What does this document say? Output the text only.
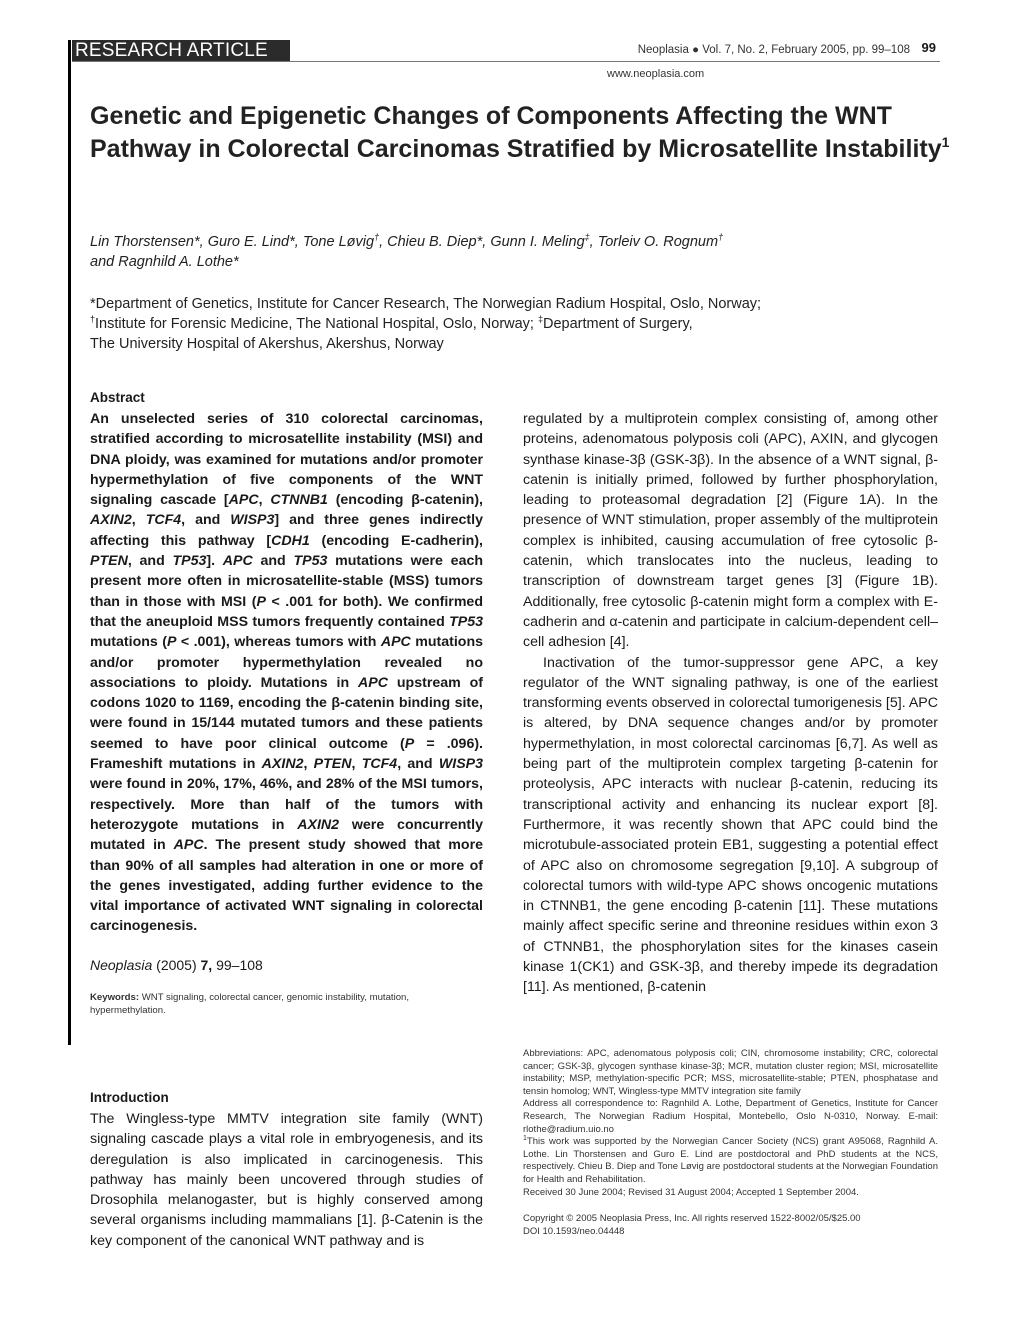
RESEARCH ARTICLE	Neoplasia ● Vol. 7, No. 2, February 2005, pp. 99–108 99
www.neoplasia.com
Genetic and Epigenetic Changes of Components Affecting the WNT Pathway in Colorectal Carcinomas Stratified by Microsatellite Instability$^1$
Lin Thorstensen*, Guro E. Lind*, Tone Løvig†, Chieu B. Diep*, Gunn I. Meling‡, Torleiv O. Rognum†
and Ragnhild A. Lothe*
*Department of Genetics, Institute for Cancer Research, The Norwegian Radium Hospital, Oslo, Norway;
†Institute for Forensic Medicine, The National Hospital, Oslo, Norway; ‡Department of Surgery,
The University Hospital of Akershus, Akershus, Norway
Abstract
An unselected series of 310 colorectal carcinomas, stratified according to microsatellite instability (MSI) and DNA ploidy, was examined for mutations and/or promoter hypermethylation of five components of the WNT signaling cascade [APC, CTNNB1 (encoding β-catenin), AXIN2, TCF4, and WISP3] and three genes indirectly affecting this pathway [CDH1 (encoding E-cadherin), PTEN, and TP53]. APC and TP53 mutations were each present more often in microsatellite-stable (MSS) tumors than in those with MSI (P < .001 for both). We confirmed that the aneuploid MSS tumors frequently contained TP53 mutations (P < .001), whereas tumors with APC mutations and/or promoter hypermethylation revealed no associations to ploidy. Mutations in APC upstream of codons 1020 to 1169, encoding the β-catenin binding site, were found in 15/144 mutated tumors and these patients seemed to have poor clinical outcome (P = .096). Frameshift mutations in AXIN2, PTEN, TCF4, and WISP3 were found in 20%, 17%, 46%, and 28% of the MSI tumors, respectively. More than half of the tumors with heterozygote mutations in AXIN2 were concurrently mutated in APC. The present study showed that more than 90% of all samples had alteration in one or more of the genes investigated, adding further evidence to the vital importance of activated WNT signaling in colorectal carcinogenesis.
Neoplasia (2005) 7, 99–108
Keywords: WNT signaling, colorectal cancer, genomic instability, mutation, hypermethylation.

regulated by a multiprotein complex consisting of, among other proteins, adenomatous polyposis coli (APC), AXIN, and glycogen synthase kinase-3β (GSK-3β). In the absence of a WNT signal, β-catenin is initially primed, followed by further phosphorylation, leading to proteasomal degradation [2] (Figure 1A). In the presence of WNT stimulation, proper assembly of the multiprotein complex is inhibited, causing accumulation of free cytosolic β-catenin, which translocates into the nucleus, leading to transcription of downstream target genes [3] (Figure 1B). Additionally, free cytosolic β-catenin might form a complex with E-cadherin and α-catenin and participate in calcium-dependent cell–cell adhesion [4].

Inactivation of the tumor-suppressor gene APC, a key regulator of the WNT signaling pathway, is one of the earliest transforming events observed in colorectal tumorigenesis [5]. APC is altered, by DNA sequence changes and/or by promoter hypermethylation, in most colorectal carcinomas [6,7]. As well as being part of the multiprotein complex targeting β-catenin for proteolysis, APC interacts with nuclear β-catenin, reducing its transcriptional activity and enhancing its nuclear export [8]. Furthermore, it was recently shown that APC could bind the microtubule-associated protein EB1, suggesting a potential effect of APC also on chromosome segregation [9,10]. A subgroup of colorectal tumors with wild-type APC shows oncogenic mutations in CTNNB1, the gene encoding β-catenin [11]. These mutations mainly affect specific serine and threonine residues within exon 3 of CTNNB1, the phosphorylation sites for the kinases casein kinase 1(CK1) and GSK-3β, and thereby impede its degradation [11]. As mentioned, β-catenin

Introduction
The Wingless-type MMTV integration site family (WNT) signaling cascade plays a vital role in embryogenesis, and its deregulation is also implicated in carcinogenesis. This pathway has mainly been uncovered through studies of Drosophila melanogaster, but is highly conserved among several organisms including mammalians [1]. β-Catenin is the key component of the canonical WNT pathway and is

Abbreviations: APC, adenomatous polyposis coli; CIN, chromosome instability; CRC, colorectal cancer; GSK-3β, glycogen synthase kinase-3β; MCR, mutation cluster region; MSI, microsatellite instability; MSP, methylation-specific PCR; MSS, microsatellite-stable; PTEN, phosphatase and tensin homolog; WNT, Wingless-type MMTV integration site family

Address all correspondence to: Ragnhild A. Lothe, Department of Genetics, Institute for Cancer Research, The Norwegian Radium Hospital, Montebello, Oslo N-0310, Norway. E-mail: rlothe@radium.uio.no

$^1$This work was supported by the Norwegian Cancer Society (NCS) grant A95068, Ragnhild A. Lothe. Lin Thorstensen and Guro E. Lind are postdoctoral and PhD students at the NCS, respectively. Chieu B. Diep and Tone Løvig are postdoctoral students at the Norwegian Foundation for Health and Rehabilitation.

Received 30 June 2004; Revised 31 August 2004; Accepted 1 September 2004.

Copyright © 2005 Neoplasia Press, Inc. All rights reserved 1522-8002/05/$25.00

DOI 10.1593/neo.04448
